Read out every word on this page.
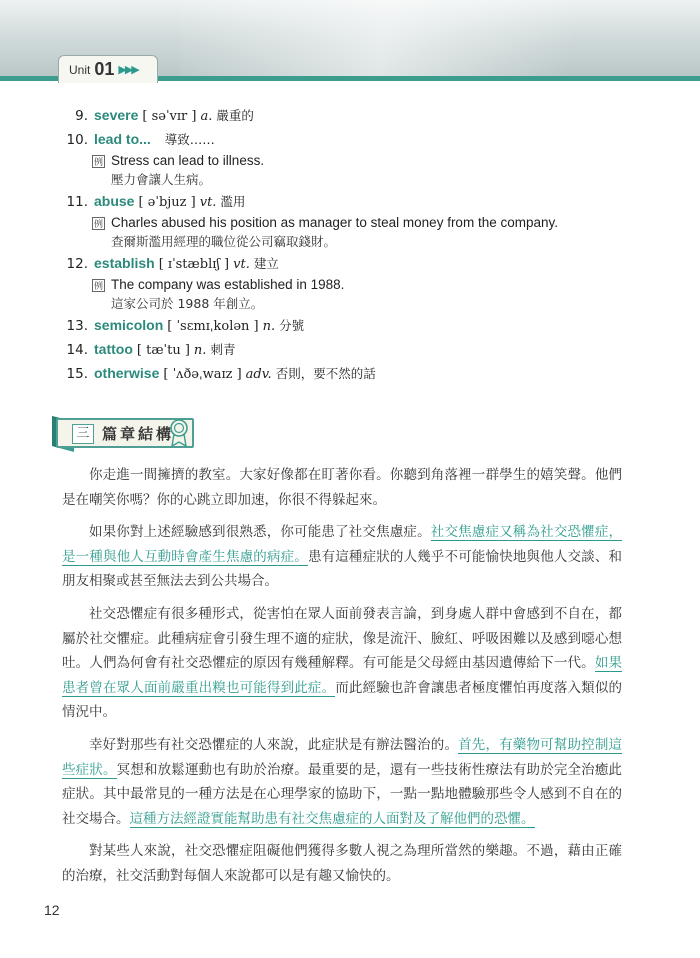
Unit 01 ▶▶▶
9. severe [ səˈvɪr ] a. 嚴重的
10. lead to... 導致……
例 Stress can lead to illness.
壓力會讓人生病。
11. abuse [ əˈbjuz ] vt. 濫用
例 Charles abused his position as manager to steal money from the company.
查爾斯濫用經理的職位從公司竊取錢財。
12. establish [ ɪˈstæblɪʃ ] vt. 建立
例 The company was established in 1988.
這家公司於 1988 年創立。
13. semicolon [ ˈsɛmɪˌkolən ] n. 分號
14. tattoo [ tæˈtu ] n. 刺青
15. otherwise [ ˈʌðəˌwaɪz ] adv. 否則，要不然的話
三 篇章結構

你走進一間擁擠的教室。大家好像都在盯著你看。你聽到角落裡一群學生的嬉笑聲。他們是在嘲笑你嗎？你的心跳立即加速，你很不得躲起來。

如果你對上述經驗感到很熟悉，你可能患了社交焦慮症。社交焦慮症又稱為社交恐懼症，是一種與他人互動時會產生焦慮的病症。患有這種症狀的人幾乎不可能愉快地與他人交談、和朋友相聚或甚至無法去到公共場合。

社交恐懼症有很多種形式，從害怕在眾人面前發表言論，到身處人群中會感到不自在，都屬於社交懼症。此種病症會引發生理不適的症狀，像是流汗、臉紅、呼吸困難以及感到噁心想吐。人們為何會有社交恐懼症的原因有幾種解釋。有可能是父母經由基因遺傳給下一代。如果患者曾在眾人面前嚴重出糗也可能得到此症。而此經驗也許會讓患者極度懼怕再度落入類似的情況中。

幸好對那些有社交恐懼症的人來說，此症狀是有辦法醫治的。首先，有藥物可幫助控制這些症狀。冥想和放鬆運動也有助於治療。最重要的是，還有一些技術性療法有助於完全治癒此症狀。其中最常見的一種方法是在心理學家的協助下，一點一點地體驗那些令人感到不自在的社交場合。這種方法經證實能幫助患有社交焦慮症的人面對及了解他們的恐懼。

對某些人來說，社交恐懼症阻礙他們獲得多數人視之為理所當然的樂趣。不過，藉由正確的治療，社交活動對每個人來說都可以是有趣又愉快的。

12
